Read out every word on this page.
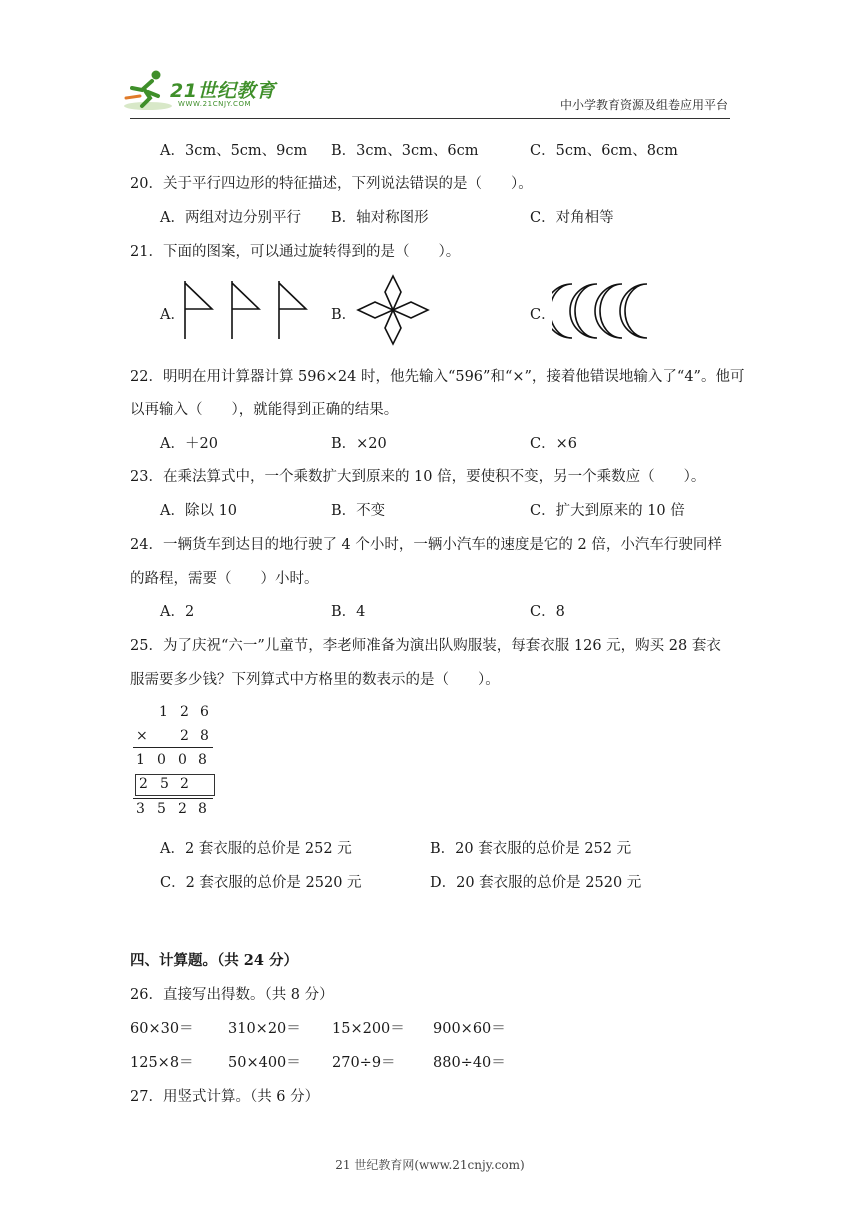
21世纪教育
WWW.21CNJY.COM	中小学教育资源及组卷应用平台
A．3cm、5cm、9cm B．3cm、3cm、6cm	C．5cm、6cm、8cm
20．关于平行四边形的特征描述，下列说法错误的是（　　）。
A．两组对边分别平行 B．轴对称图形	C．对角相等
21．下面的图案，可以通过旋转得到的是（　　）。
A．	B．	C．
22．明明在用计算器计算 596×24 时，他先输入“596”和“×”，接着他错误地输入了“4”。他可
以再输入（　　），就能得到正确的结果。
A．＋20	B．×20	C．×6
23．在乘法算式中，一个乘数扩大到原来的 10 倍，要使积不变，另一个乘数应（　　）。
A．除以 10	B．不变	C．扩大到原来的 10 倍
24．一辆货车到达目的地行驶了 4 个小时，一辆小汽车的速度是它的 2 倍，小汽车行驶同样
的路程，需要（　　）小时。
A．2	B．4	C．8
25．为了庆祝“六一”儿童节，李老师准备为演出队购服装，每套衣服 126 元，购买 28 套衣
服需要多少钱？下列算式中方格里的数表示的是（　　）。
1 2 6
× 2 8
1 0 0 8
2 5 2
3 5 2 8
A．2 套衣服的总价是 252 元	B．20 套衣服的总价是 252 元
C．2 套衣服的总价是 2520 元	D．20 套衣服的总价是 2520 元
四、计算题。（共 24 分）
26．直接写出得数。（共 8 分）
60×30＝ 310×20＝ 15×200＝ 900×60＝
125×8＝ 50×400＝ 270÷9＝	880÷40＝
27．用竖式计算。（共 6 分）
21 世纪教育网(www.21cnjy.com)
